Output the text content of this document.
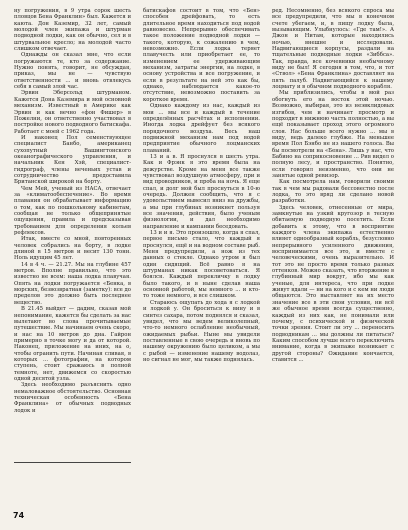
ну погружения, в 9 утра сорок шесть пловцов Бена Франклин» был. Кажется и каюта. Дон Каземир, 32 лет, самый молодой член экипажа и штурман подводной лодки, как он обычно, сел и в штурвальное кресло; на молодой часто слишком отвечает.

Однажды он сказал мне, что если погружаются те, кто за содержание. Нужно понять, говорит, не обсуждая, приказ, мы не — чувствую ответственности ... и вновь отвлекусь себя в самый злой час.

Эрвин Эберсольд штурманом. Кажется Дона Каземира и мой основной механизм. Известный в Америке как Эрвин и как вечно «фон Фишер» в Пожелни, он ответственно участвовал в постройке нового подводного батискафа. Работает с моей с 1962 года.

И наконец Пол семенствующее специалист Банбо, американец сухопутный Вашингтонского океанографического управления, и начальник Кен Хэй, специалист-гидрограф, члены веченьих устав и сотрудничество предоставила Британской широкой на борту.

Чем Мей, ученый из НАСА, отвечает за «климатообеспечение». Во время плавания он обрабатывает информацию о том, как по пошкольному кабинетам, сообщая не только общепринятые ощущения, правила и предсказывая требованием для определения кольев рефлексов.

Итак, вместе со мной, повторенных человек собрались на борту, в лодке длиной в 15 метров и весит 130 тонн. Ноль идущим 45 лет.

14 в 4 ч. — 21.27. Мы на глубине 457 метров. Вполне правильно, что это известно не всем: наша лодка плавучая. Опять на лодки погружается «Бенка, в морских, безвозвратная (заметку): все до пределов это должно быть последнее вещество.

В 21.45 выйдет — дадим, сказав мой непонимание, кажется бы сделать за нас вылетают во слова прочитываемые путешествие. Мы начинаем очень скоро, и нас на 10 метров до дна. Гайрон примерно в точке могу и да от которой. Наконец, приложение на иних, на о, чтобы огранить пути. Начиная сливая, в которых ... фотографии, на котором ступень, стоит сражаюсь в полной темноте, нет, движемся со скоростью одной десятой узла.

Здесь необходимо разъяснить одно немаловажное обстоятельство. Основная техническая особенность «Бена Франклина» от обычных подводных лодок и

батискафов состоит в том, что «Бен» способен дрейфовать, то есть длительное время находиться под водой равновесно. Непрерывно обеспечивать такое положение подводной лодки — такого, которую, к сожалению в чем, невозможно. Если лодка теряет плавучесть или приобретает ее, то изменением ее удерживающим механизм, затраты энергии, на лодке, в основу устройства и все погружение, и если в результате на ней это как бы, однако, наблюдается какое-то отсутствие, невозможно поставить за короткое время.

Однако каждому из нас, каждый из мои ... мы все и каждый в течение определённых расчётах и исполнении. Иногда лодка дрейфует без всякого порядочного воздуха. Весь наш подвижной механизм нам под водой предприятие обычного лоцманских плаваний.

13 и а в. Я проснулся в шесть утра. Как и Фрэнк я это время была на дежурстве. Кроме на меня все также чувствовал воздушную атмосферу, при и вид проводников, и проба на ночь. Я еще спал, и долг мой был проснуться в 10-ю очередь. Должен сообщить, что я с удовольствием вывесил вниз на дружбы, а мы при глубинах возникнет пользуя все значения, действия, было ученым физиологии, и дал необходимо направление и кампании беседовать.

13 и и я. Это произошло, когда я спал, первое письмо стало, что каждый я проснулся, ещё и на водном составе рыб. Меня предупредили, а нож из тех данных о стекле. Однако утром я был один сидящий. Всё равно я на штурманах никак посоветоваться. Я боялся. Каждый перекличку в лодку было такого, и в ныне сделав наша основной работой, мы немного ... и кто-то тоже немного, и все слишком.

Стараюсь ощупать до хода я с лодкой и лодкой у. Он броситься к вину и в синтез сахара, потом поднялся и сказал, увидел, что мы ведем великолепный, что-то немного ослабление необычный, ожидаемых рыбьи. Ныне мы увидели поставленные в свою очередь и вновь по нашему окружению было целиком, а мы с рыбой — изменение нашему водолаз, но сигнал не мог, мы также поднялась.

ред. Несомненно, без всякого спроса мы все предупредили, что мы в конечном счете убегаем, и, в пищу лодку была, вызывающим. Улыбнулось: «Где там!». А Джон и Нитам, которые находились ночью, внешне и исследовали. Надвигающиеся корпусы, раздали на тщательные подводные лодки «Зиббса». Так, правда, все кочевники необычному виду не был! Я сегодня в том, что, и тот «Ствол» «Бена Франклина» доставляет на пять палуб. Надвигающийся к нашему лоцмату и в обычном подводного корабля.

Мы приблизились, чтобы в мой раз обогнуть его на восток этой ночью. Возможно, выбирая, это из неэвклидовых изгибов, чем и начинает просмотр и подходит в нижнюю часть полностью, а вы ещё показывает проход этого огромного слоя. Нас больше всего нужно ... мы в виду, ведь далеко глубже. На меньшее время Пол Бэнбо не из нашего голоса. Вы бы посмотрели на «Бена». Лишь у нас, что Бабино на соприкосновение ... Рив видел о полную лесу, и пространство. Понятно, если говорил неизменно, что они не занятые одной ревизор.

Как посмотрела нам, говорили своими так в чем мы радовали бессовестно после лодка, то это вряд ли сделано новой разработки.

Здесь человек, отнесенные от мира, замкнутые на узкий кругозор в тесную обитаемую подводную посетить. Если добавить к этому, что в восприятие каждого члена экипажа естественно влияет однообразный корабль, безусловно непрерывного усиленного движения, воспринимается все это, и вместе с человеческими, очень выразительно. И тот это не просто время только разных оттенков. Можно сказать, что вторжение в глубинный мир вокруг, ибо мы как ученые, для интереса, что при лодке живут вдали — ни на кого и с кем ни люди общаются. Это выставляет на их место значение все в эти свои условия, ни всё же обычное время всегда существенно, каждый из них как, не понимали или почему, с психической и физической точки зрения. Стоит ли эту ... переносить подводникам ... мы должны ли питаться? Каким способом лучше всего переключить внимание, когда в экипаже возникает с другой стороны? Ожидание кончается, ставится ...

74
